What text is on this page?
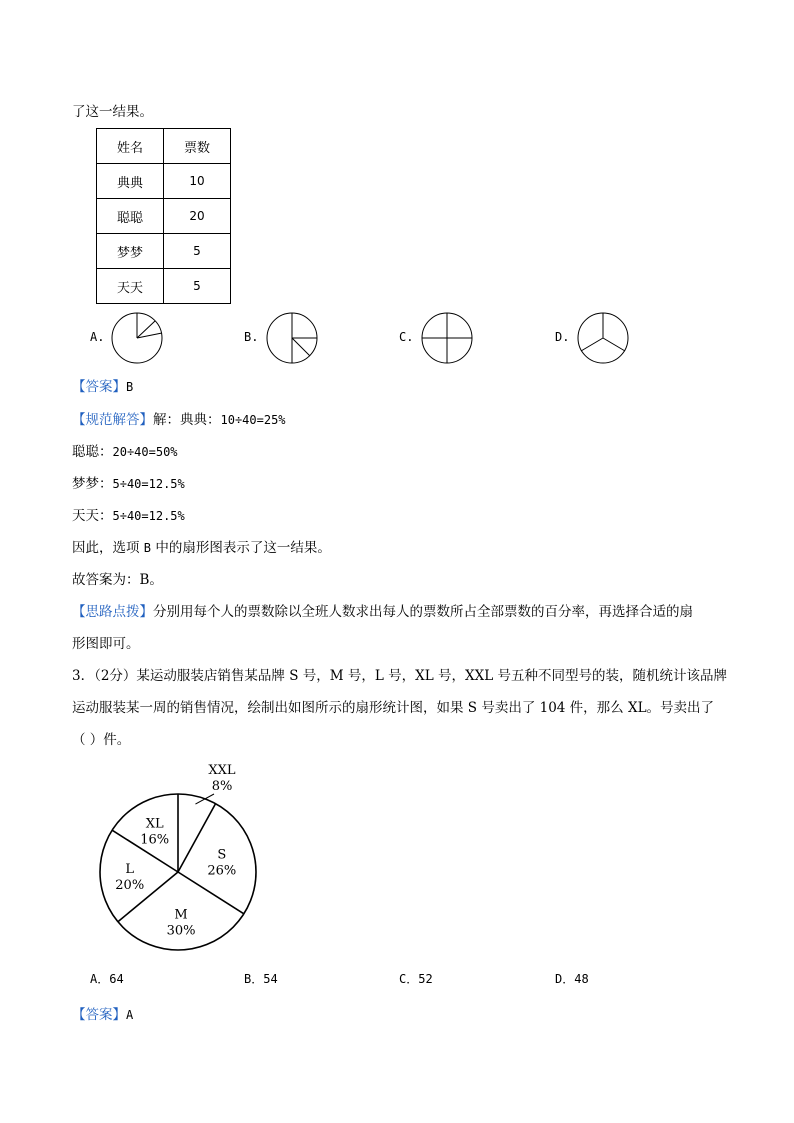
了这一结果。
姓名	票数
典典	10
聪聪	20
梦梦	5
天天	5
A.	B.	C.	D.
【答案】B
【规范解答】解：典典：10÷40=25%
聪聪：20÷40=50%
梦梦：5÷40=12.5%
天天：5÷40=12.5%
因此，选项 B 中的扇形图表示了这一结果。
故答案为：B。
【思路点拨】分别用每个人的票数除以全班人数求出每人的票数所占全部票数的百分率，再选择合适的扇
形图即可。
3．（2分）某运动服装店销售某品牌 S 号，M 号，L 号，XL 号，XXL 号五种不同型号的装，随机统计该品牌
运动服装某一周的销售情况，绘制出如图所示的扇形统计图，如果 S 号卖出了 104 件，那么 XL。号卖出了
（ ）件。
XXL
8%
S
26%
M
30%
L
20%
XL
16%
A．64	B．54	C．52	D．48
【答案】A
